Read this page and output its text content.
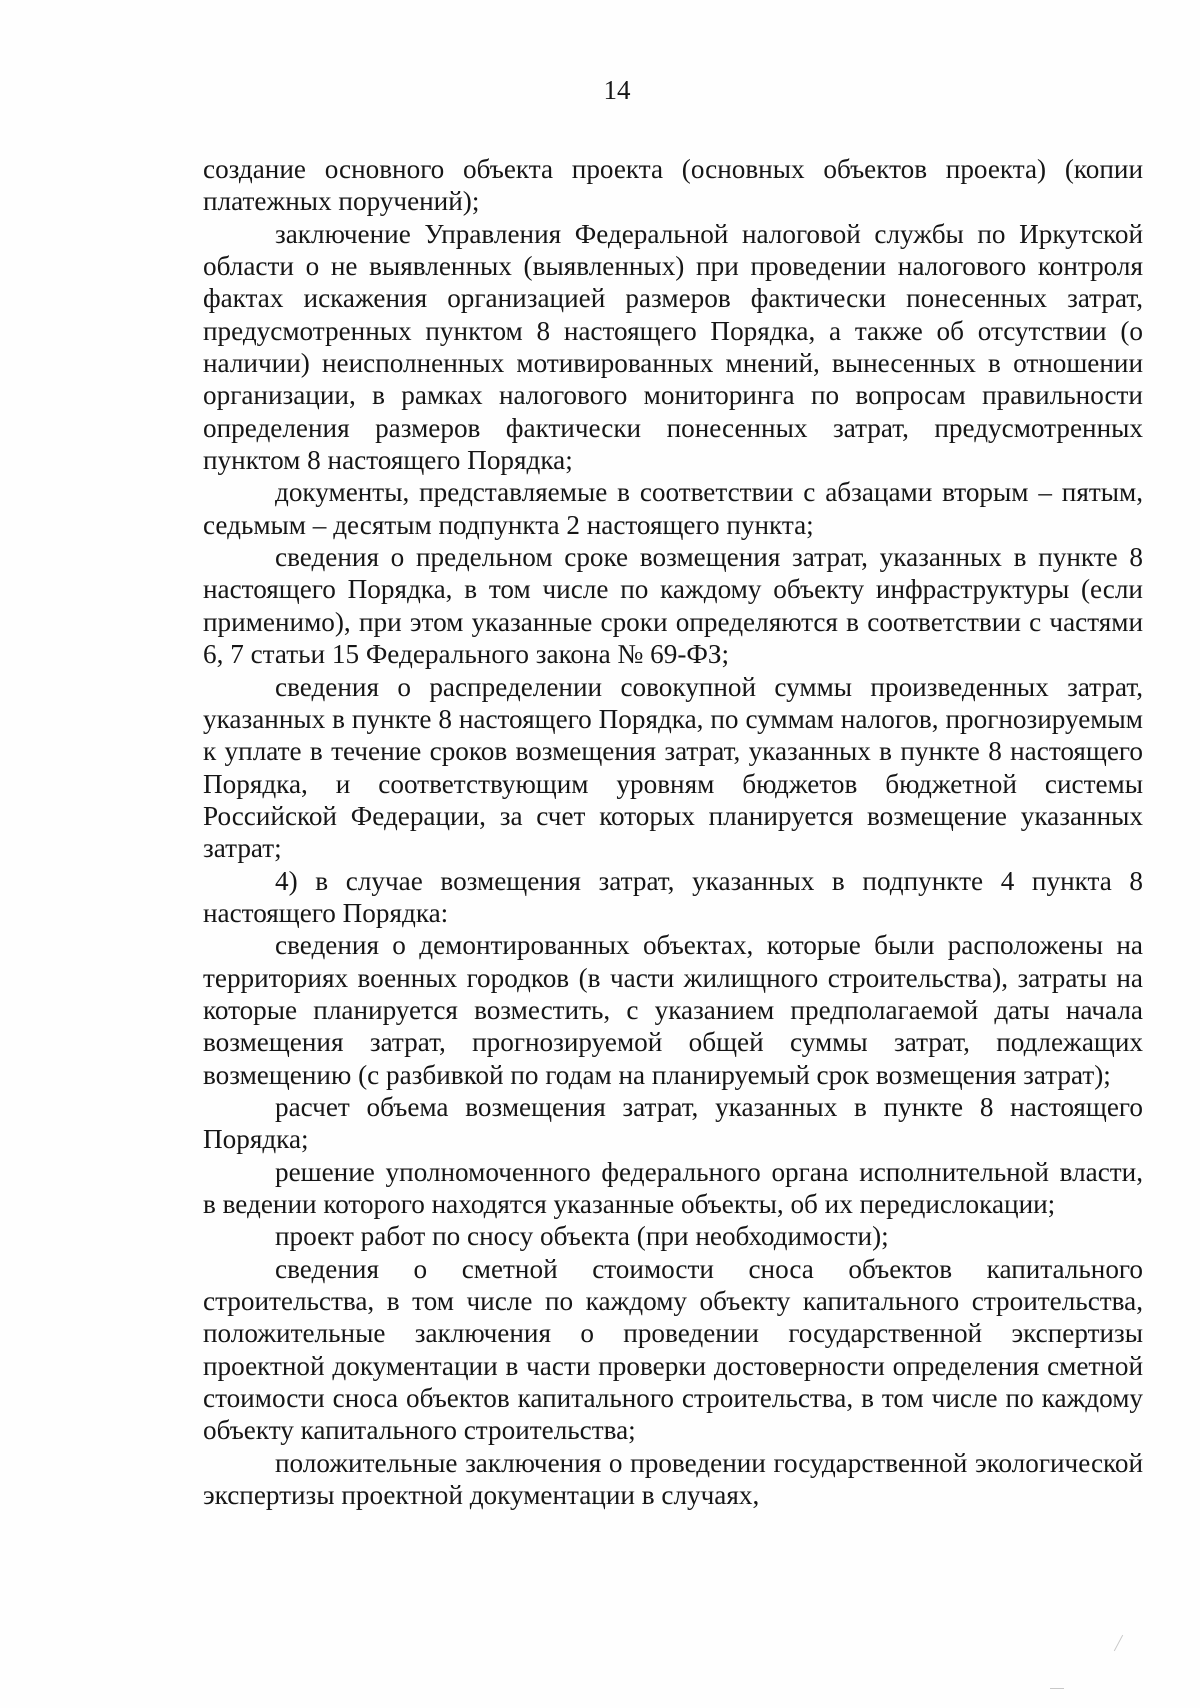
14

создание основного объекта проекта (основных объектов проекта) (копии платежных поручений);

заключение Управления Федеральной налоговой службы по Иркутской области о не выявленных (выявленных) при проведении налогового контроля фактах искажения организацией размеров фактически понесенных затрат, предусмотренных пунктом 8 настоящего Порядка, а также об отсутствии (о наличии) неисполненных мотивированных мнений, вынесенных в отношении организации, в рамках налогового мониторинга по вопросам правильности определения размеров фактически понесенных затрат, предусмотренных пунктом 8 настоящего Порядка;

документы, представляемые в соответствии с абзацами вторым – пятым, седьмым – десятым подпункта 2 настоящего пункта;

сведения о предельном сроке возмещения затрат, указанных в пункте 8 настоящего Порядка, в том числе по каждому объекту инфраструктуры (если применимо), при этом указанные сроки определяются в соответствии с частями 6, 7 статьи 15 Федерального закона № 69-ФЗ;

сведения о распределении совокупной суммы произведенных затрат, указанных в пункте 8 настоящего Порядка, по суммам налогов, прогнозируемым к уплате в течение сроков возмещения затрат, указанных в пункте 8 настоящего Порядка, и соответствующим уровням бюджетов бюджетной системы Российской Федерации, за счет которых планируется возмещение указанных затрат;

4) в случае возмещения затрат, указанных в подпункте 4 пункта 8 настоящего Порядка:

сведения о демонтированных объектах, которые были расположены на территориях военных городков (в части жилищного строительства), затраты на которые планируется возместить, с указанием предполагаемой даты начала возмещения затрат, прогнозируемой общей суммы затрат, подлежащих возмещению (с разбивкой по годам на планируемый срок возмещения затрат);

расчет объема возмещения затрат, указанных в пункте 8 настоящего Порядка;

решение уполномоченного федерального органа исполнительной власти, в ведении которого находятся указанные объекты, об их передислокации;

проект работ по сносу объекта (при необходимости);

сведения о сметной стоимости сноса объектов капитального строительства, в том числе по каждому объекту капитального строительства, положительные заключения о проведении государственной экспертизы проектной документации в части проверки достоверности определения сметной стоимости сноса объектов капитального строительства, в том числе по каждому объекту капитального строительства;

положительные заключения о проведении государственной экологической экспертизы проектной документации в случаях,
